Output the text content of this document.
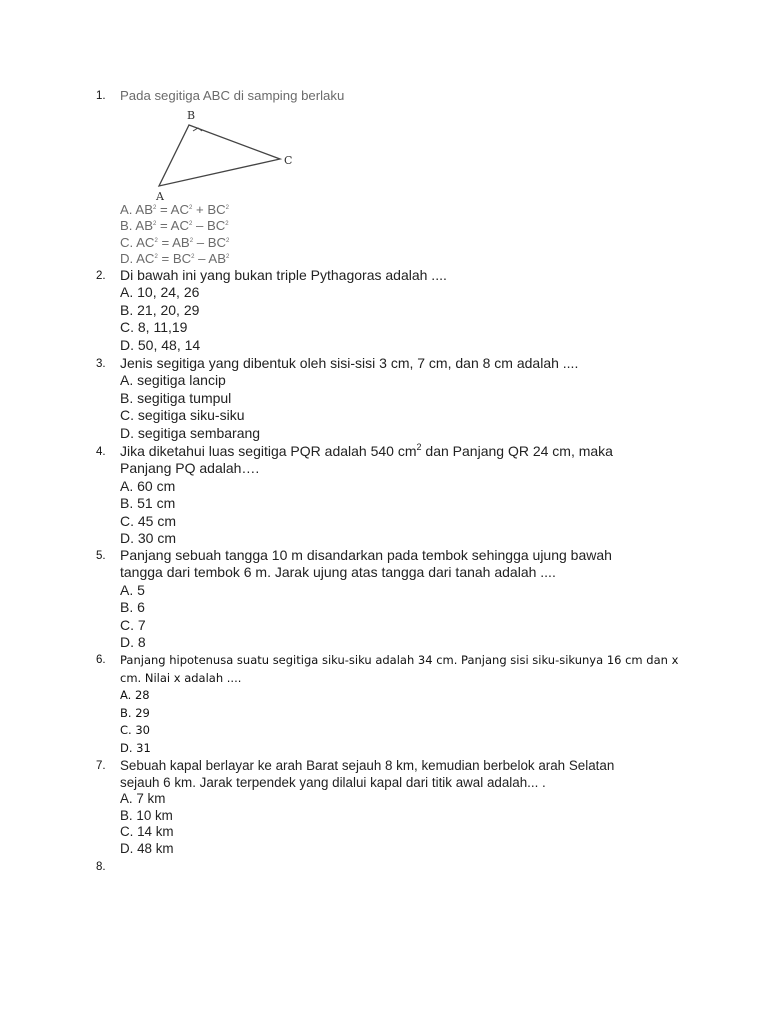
1.	Pada segitiga ABC di samping berlaku
B
C
A
A. $AB^2 = AC^2 + BC^2$
B. $AB^2 = AC^2 - BC^2$
C. $AC^2 = AB^2 - BC^2$
D. $AC^2 = BC^2 - AB^2$
2.	Di bawah ini yang bukan triple Pythagoras adalah ....
A. 10, 24, 26
B. 21, 20, 29
C. 8, 11,19
D. 50, 48, 14
3.	Jenis segitiga yang dibentuk oleh sisi-sisi 3 cm, 7 cm, dan 8 cm adalah ....
A. segitiga lancip
B. segitiga tumpul
C. segitiga siku-siku
D. segitiga sembarang
4.	Jika diketahui luas segitiga PQR adalah 540 $cm^2$ dan Panjang QR 24 cm, maka
Panjang PQ adalah….
A. 60 cm
B. 51 cm
C. 45 cm
D. 30 cm
5.	Panjang sebuah tangga 10 m disandarkan pada tembok sehingga ujung bawah
tangga dari tembok 6 m. Jarak ujung atas tangga dari tanah adalah ....
A. 5
B. 6
C. 7
D. 8
6.	Panjang hipotenusa suatu segitiga siku-siku adalah 34 cm. Panjang sisi siku-sikunya 16 cm dan x
cm. Nilai x adalah ....
A. 28
B. 29
C. 30
D. 31
7.	Sebuah kapal berlayar ke arah Barat sejauh 8 km, kemudian berbelok arah Selatan
sejauh 6 km. Jarak terpendek yang dilalui kapal dari titik awal adalah... .
A. 7 km
B. 10 km
C. 14 km
D. 48 km
8.
